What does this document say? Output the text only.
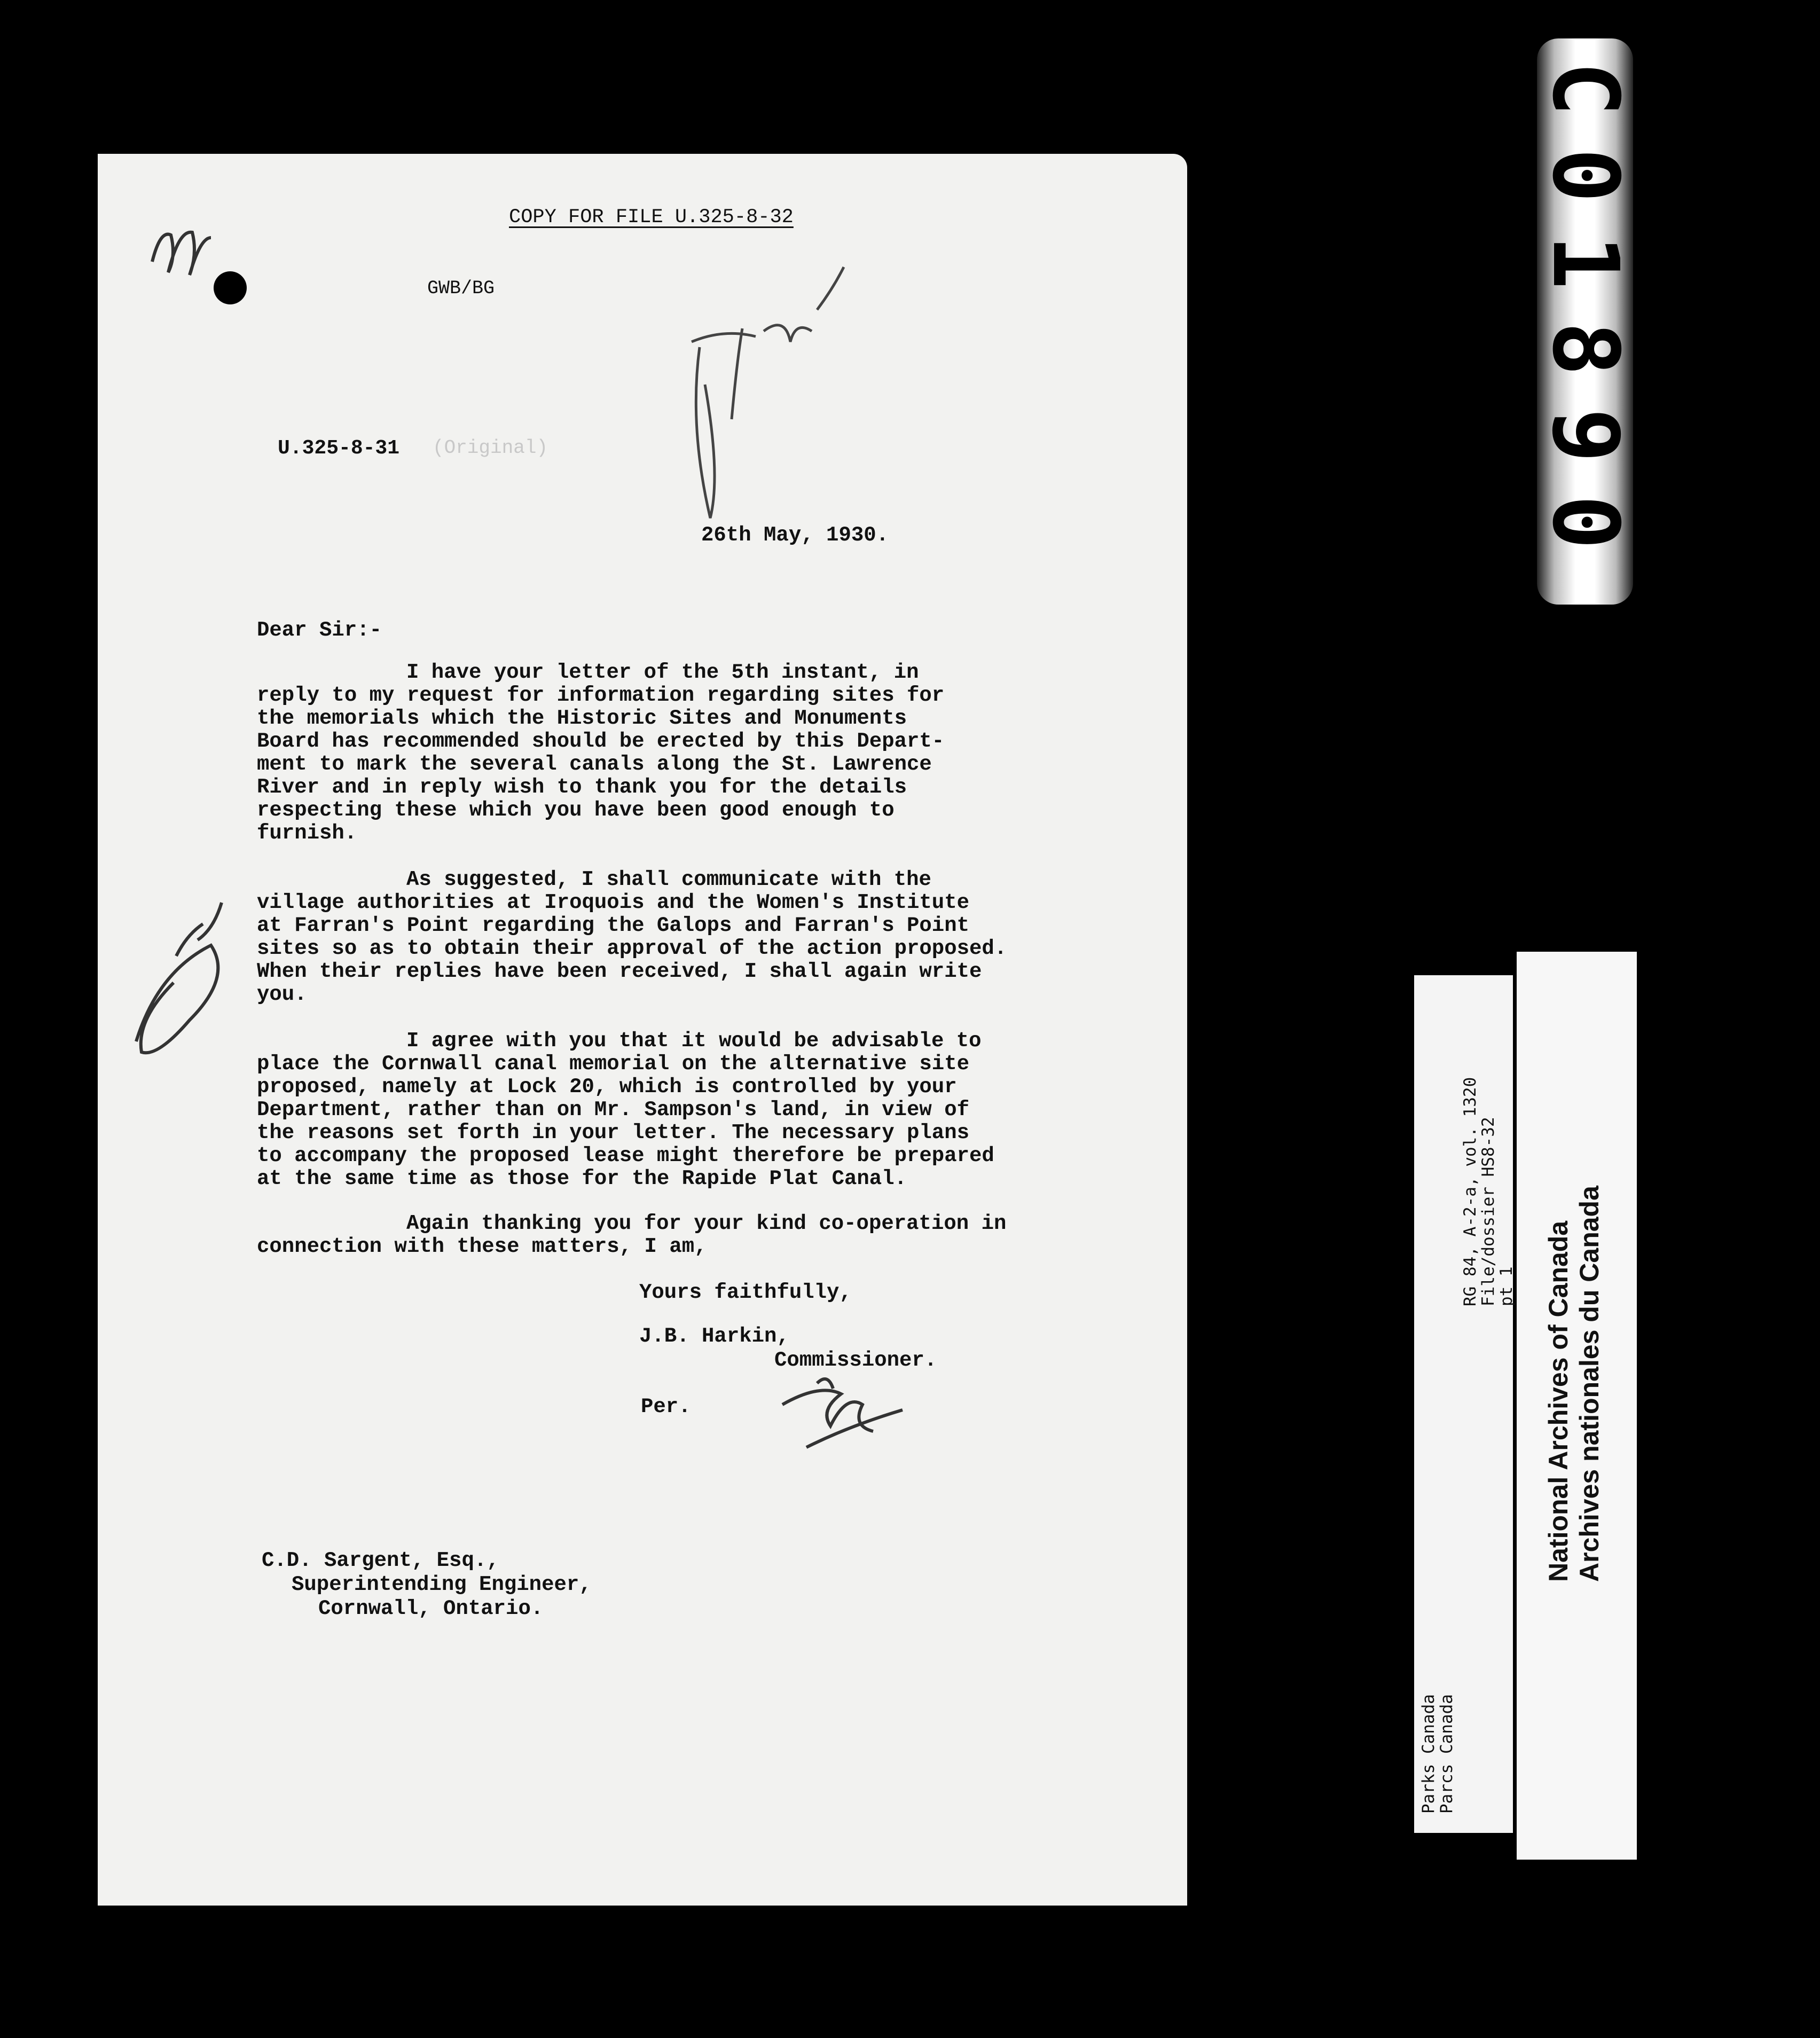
COPY FOR FILE U.325-8-32
GWB/BG
U.325-8-31 (Original)
26th May, 1930.
Dear Sir:-
I have your letter of the 5th instant, in
reply to my request for information regarding sites for
the memorials which the Historic Sites and Monuments
Board has recommended should be erected by this Depart-
ment to mark the several canals along the St. Lawrence
River and in reply wish to thank you for the details
respecting these which you have been good enough to
furnish.
As suggested, I shall communicate with the
village authorities at Iroquois and the Women's Institute
at Farran's Point regarding the Galops and Farran's Point
sites so as to obtain their approval of the action proposed.
When their replies have been received, I shall again write
you.
I agree with you that it would be advisable to
place the Cornwall canal memorial on the alternative site
proposed, namely at Lock 20, which is controlled by your
Department, rather than on Mr. Sampson's land, in view of
the reasons set forth in your letter. The necessary plans
to accompany the proposed lease might therefore be prepared
at the same time as those for the Rapide Plat Canal.
Again thanking you for your kind co-operation in
connection with these matters, I am,
Yours faithfully,
J.B. Harkin,
Commissioner.
Per.
C.D. Sargent, Esq.,
Superintending Engineer,
Cornwall, Ontario.
C01890
Parks Canada
Parcs Canada
RG 84, A-2-a, vol. 1320
File/dossier HS8-32
pt 1 National Archives of Canada Archives nationales du Canada
